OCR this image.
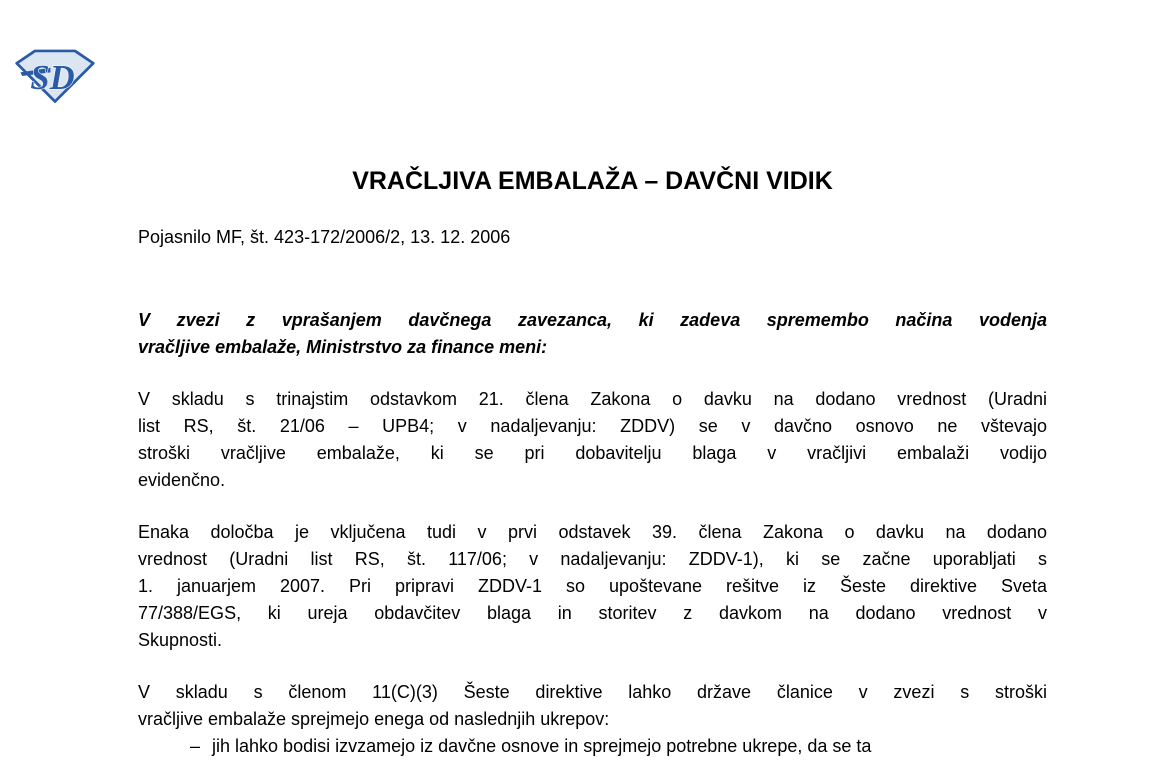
SD
VRAČLJIVA EMBALAŽA – DAVČNI VIDIK
Pojasnilo MF, št. 423-172/2006/2, 13. 12. 2006
V zvezi z vprašanjem davčnega zavezanca, ki zadeva spremembo načina vodenja
vračljive embalaže, Ministrstvo za finance meni:
V skladu s trinajstim odstavkom 21. člena Zakona o davku na dodano vrednost (Uradni
list RS, št. 21/06 – UPB4; v nadaljevanju: ZDDV) se v davčno osnovo ne vštevajo
stroški vračljive embalaže, ki se pri dobavitelju blaga v vračljivi embalaži vodijo
evidenčno.
Enaka določba je vključena tudi v prvi odstavek 39. člena Zakona o davku na dodano
vrednost (Uradni list RS, št. 117/06; v nadaljevanju: ZDDV-1), ki se začne uporabljati s
1. januarjem 2007. Pri pripravi ZDDV-1 so upoštevane rešitve iz Šeste direktive Sveta
77/388/EGS, ki ureja obdavčitev blaga in storitev z davkom na dodano vrednost v
Skupnosti.
V skladu s členom 11(C)(3) Šeste direktive lahko države članice v zvezi s stroški
vračljive embalaže sprejmejo enega od naslednjih ukrepov:
– jih lahko bodisi izvzamejo iz davčne osnove in sprejmejo potrebne ukrepe, da se ta
